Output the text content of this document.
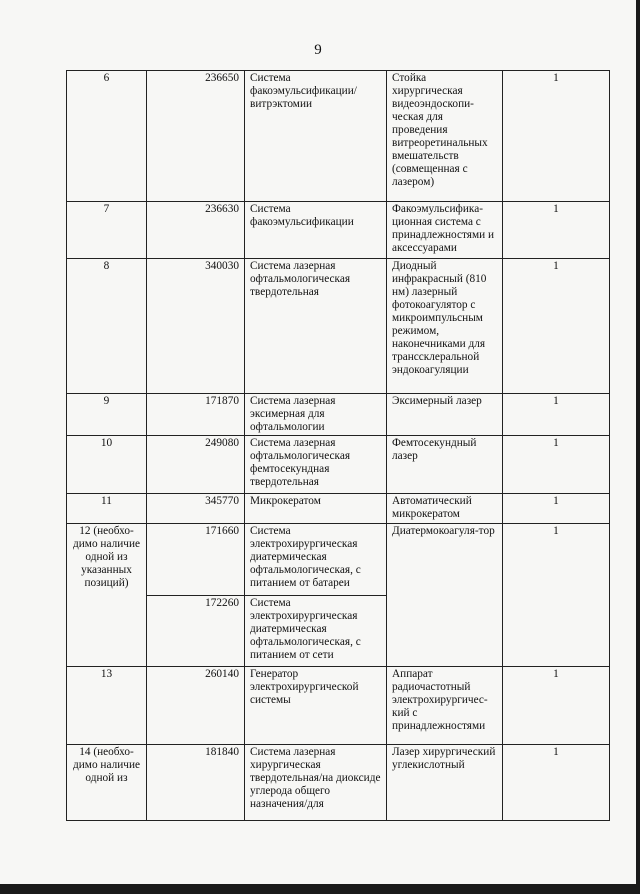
9
6	236650	Система факоэмульсификации/ витрэктомии	Стойка хирургическая видеоэндоскопи-ческая для проведения витреоретинальных вмешательств (совмещенная с лазером)	1
7	236630	Система факоэмульсификации	Факоэмульсифика-ционная система с принадлежностями и аксессуарами	1
8	340030	Система лазерная офтальмологическая твердотельная	Диодный инфракрасный (810 нм) лазерный фотокоагулятор с микроимпульсным режимом, наконечниками для транссклеральной эндокоагуляции	1
9	171870	Система лазерная эксимерная для офтальмологии	Эксимерный лазер	1
10	249080	Система лазерная офтальмологическая фемтосекундная твердотельная	Фемтосекундный лазер	1
11	345770	Микрокератом	Автоматический микрокератом	1
12 (необхо-димо наличие одной из указанных позиций)	171660	Система электрохирургическая диатермическая офтальмологическая, с питанием от батареи	Диатермокоагуля-тор	1
	172260	Система электрохирургическая диатермическая офтальмологическая, с питанием от сети		
13	260140	Генератор электрохирургической системы	Аппарат радиочастотный электрохирургичес-кий с принадлежностями	1
14 (необхо-димо наличие одной из	181840	Система лазерная хирургическая твердотельная/на диоксиде углерода общего назначения/для	Лазер хирургический углекислотный	1
